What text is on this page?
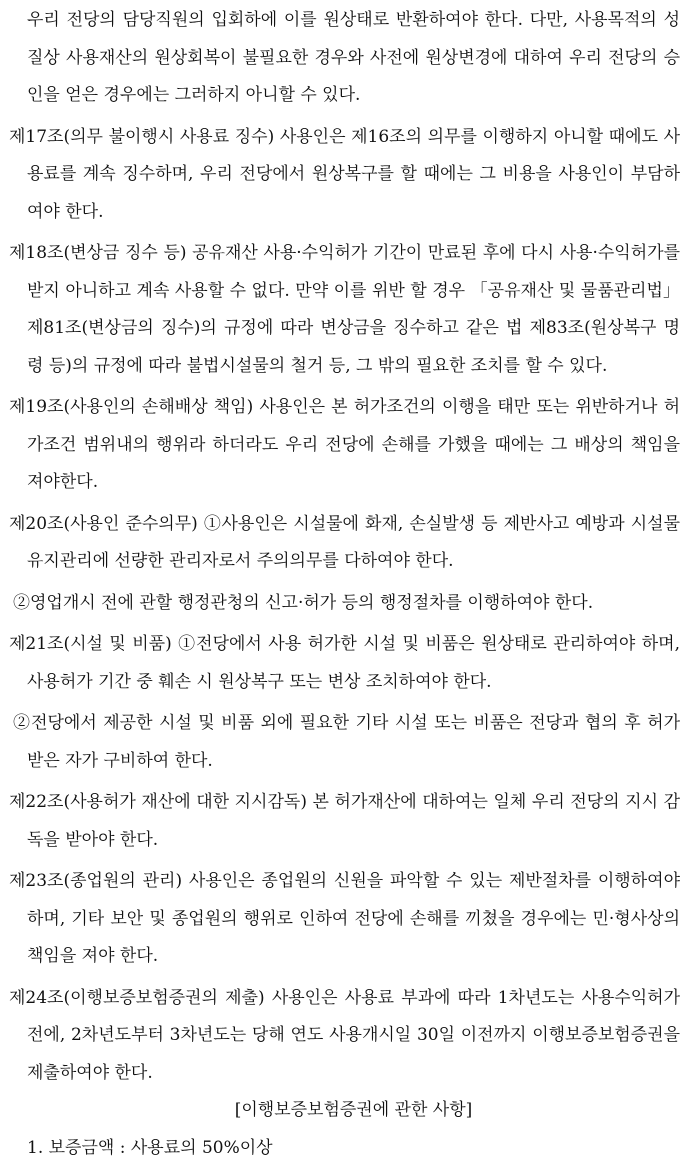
우리 전당의 담당직원의 입회하에 이를 원상태로 반환하여야 한다. 다만, 사용목적의 성질상 사용재산의 원상회복이 불필요한 경우와 사전에 원상변경에 대하여 우리 전당의 승인을 얻은 경우에는 그러하지 아니할 수 있다.

제17조(의무 불이행시 사용료 징수) 사용인은 제16조의 의무를 이행하지 아니할 때에도 사용료를 계속 징수하며, 우리 전당에서 원상복구를 할 때에는 그 비용을 사용인이 부담하여야 한다.

제18조(변상금 징수 등) 공유재산 사용·수익허가 기간이 만료된 후에 다시 사용·수익허가를 받지 아니하고 계속 사용할 수 없다. 만약 이를 위반 할 경우 「공유재산 및 물품관리법」 제81조(변상금의 징수)의 규정에 따라 변상금을 징수하고 같은 법 제83조(원상복구 명령 등)의 규정에 따라 불법시설물의 철거 등, 그 밖의 필요한 조치를 할 수 있다.

제19조(사용인의 손해배상 책임) 사용인은 본 허가조건의 이행을 태만 또는 위반하거나 허가조건 범위내의 행위라 하더라도 우리 전당에 손해를 가했을 때에는 그 배상의 책임을 져야한다.

제20조(사용인 준수의무) ①사용인은 시설물에 화재, 손실발생 등 제반사고 예방과 시설물 유지관리에 선량한 관리자로서 주의의무를 다하여야 한다.

②영업개시 전에 관할 행정관청의 신고·허가 등의 행정절차를 이행하여야 한다.

제21조(시설 및 비품) ①전당에서 사용 허가한 시설 및 비품은 원상태로 관리하여야 하며, 사용허가 기간 중 훼손 시 원상복구 또는 변상 조치하여야 한다.

②전당에서 제공한 시설 및 비품 외에 필요한 기타 시설 또는 비품은 전당과 협의 후 허가 받은 자가 구비하여 한다.

제22조(사용허가 재산에 대한 지시감독) 본 허가재산에 대하여는 일체 우리 전당의 지시 감독을 받아야 한다.

제23조(종업원의 관리) 사용인은 종업원의 신원을 파악할 수 있는 제반절차를 이행하여야 하며, 기타 보안 및 종업원의 행위로 인하여 전당에 손해를 끼쳤을 경우에는 민·형사상의 책임을 져야 한다.

제24조(이행보증보험증권의 제출) 사용인은 사용료 부과에 따라 1차년도는 사용수익허가 전에, 2차년도부터 3차년도는 당해 연도 사용개시일 30일 이전까지 이행보증보험증권을 제출하여야 한다.

[이행보증보험증권에 관한 사항]

1. 보증금액 : 사용료의 50%이상
